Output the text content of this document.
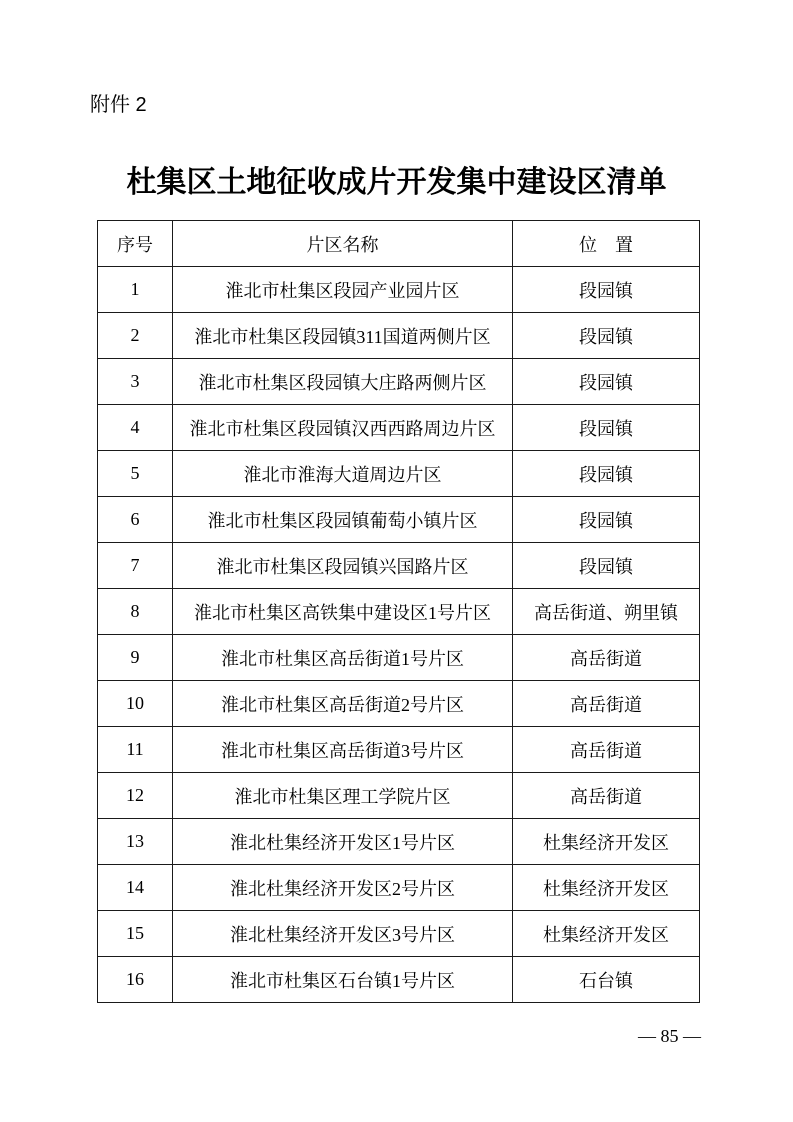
附件 2
杜集区土地征收成片开发集中建设区清单
序号	片区名称	位　置
1	淮北市杜集区段园产业园片区	段园镇
2	淮北市杜集区段园镇311国道两侧片区	段园镇
3	淮北市杜集区段园镇大庄路两侧片区	段园镇
4	淮北市杜集区段园镇汉西西路周边片区	段园镇
5	淮北市淮海大道周边片区	段园镇
6	淮北市杜集区段园镇葡萄小镇片区	段园镇
7	淮北市杜集区段园镇兴国路片区	段园镇
8	淮北市杜集区高铁集中建设区1号片区	高岳街道、朔里镇
9	淮北市杜集区高岳街道1号片区	高岳街道
10	淮北市杜集区高岳街道2号片区	高岳街道
11	淮北市杜集区高岳街道3号片区	高岳街道
12	淮北市杜集区理工学院片区	高岳街道
13	淮北杜集经济开发区1号片区	杜集经济开发区
14	淮北杜集经济开发区2号片区	杜集经济开发区
15	淮北杜集经济开发区3号片区	杜集经济开发区
16	淮北市杜集区石台镇1号片区	石台镇
— 85 —
